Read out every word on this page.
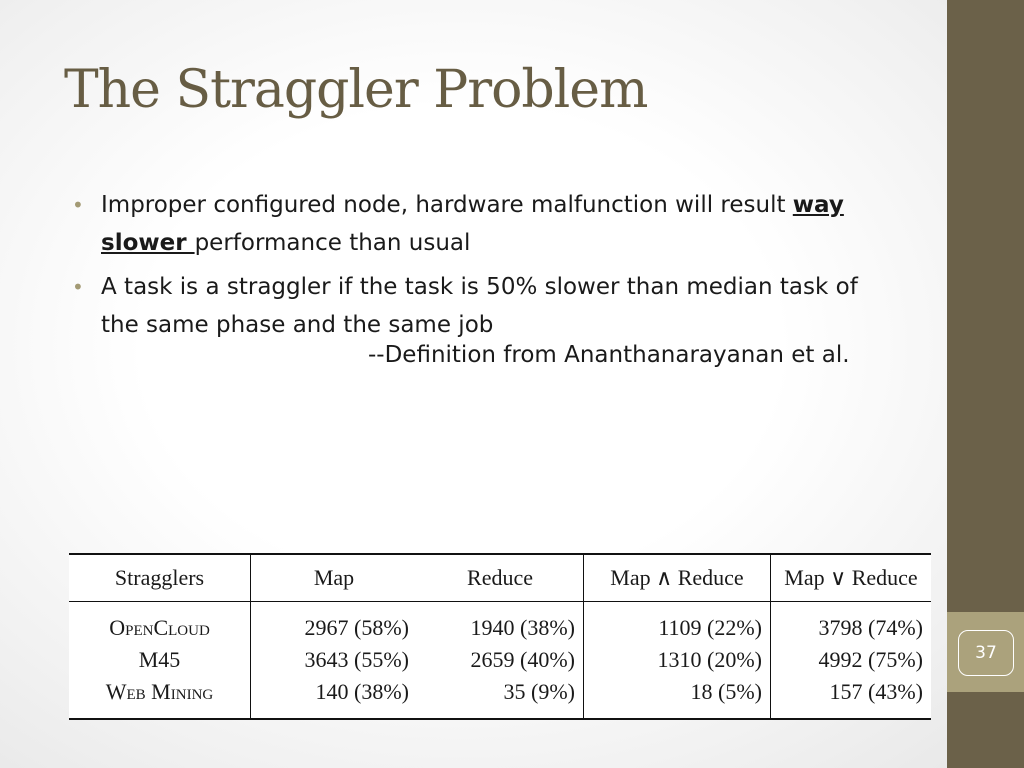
37
The Straggler Problem
• Improper configured node, hardware malfunction will result way slower performance than usual
• A task is a straggler if the task is 50% slower than median task of the same phase and the same job
--Definition from Ananthanarayanan et al.
Stragglers	Map	Reduce	Map ∧ Reduce	Map ∨ Reduce
OpenCloud	2967 (58%)	1940 (38%)	1109 (22%)	3798 (74%)
M45	3643 (55%)	2659 (40%)	1310 (20%)	4992 (75%)
Web Mining	140 (38%)	35 (9%)	18 (5%)	157 (43%)
